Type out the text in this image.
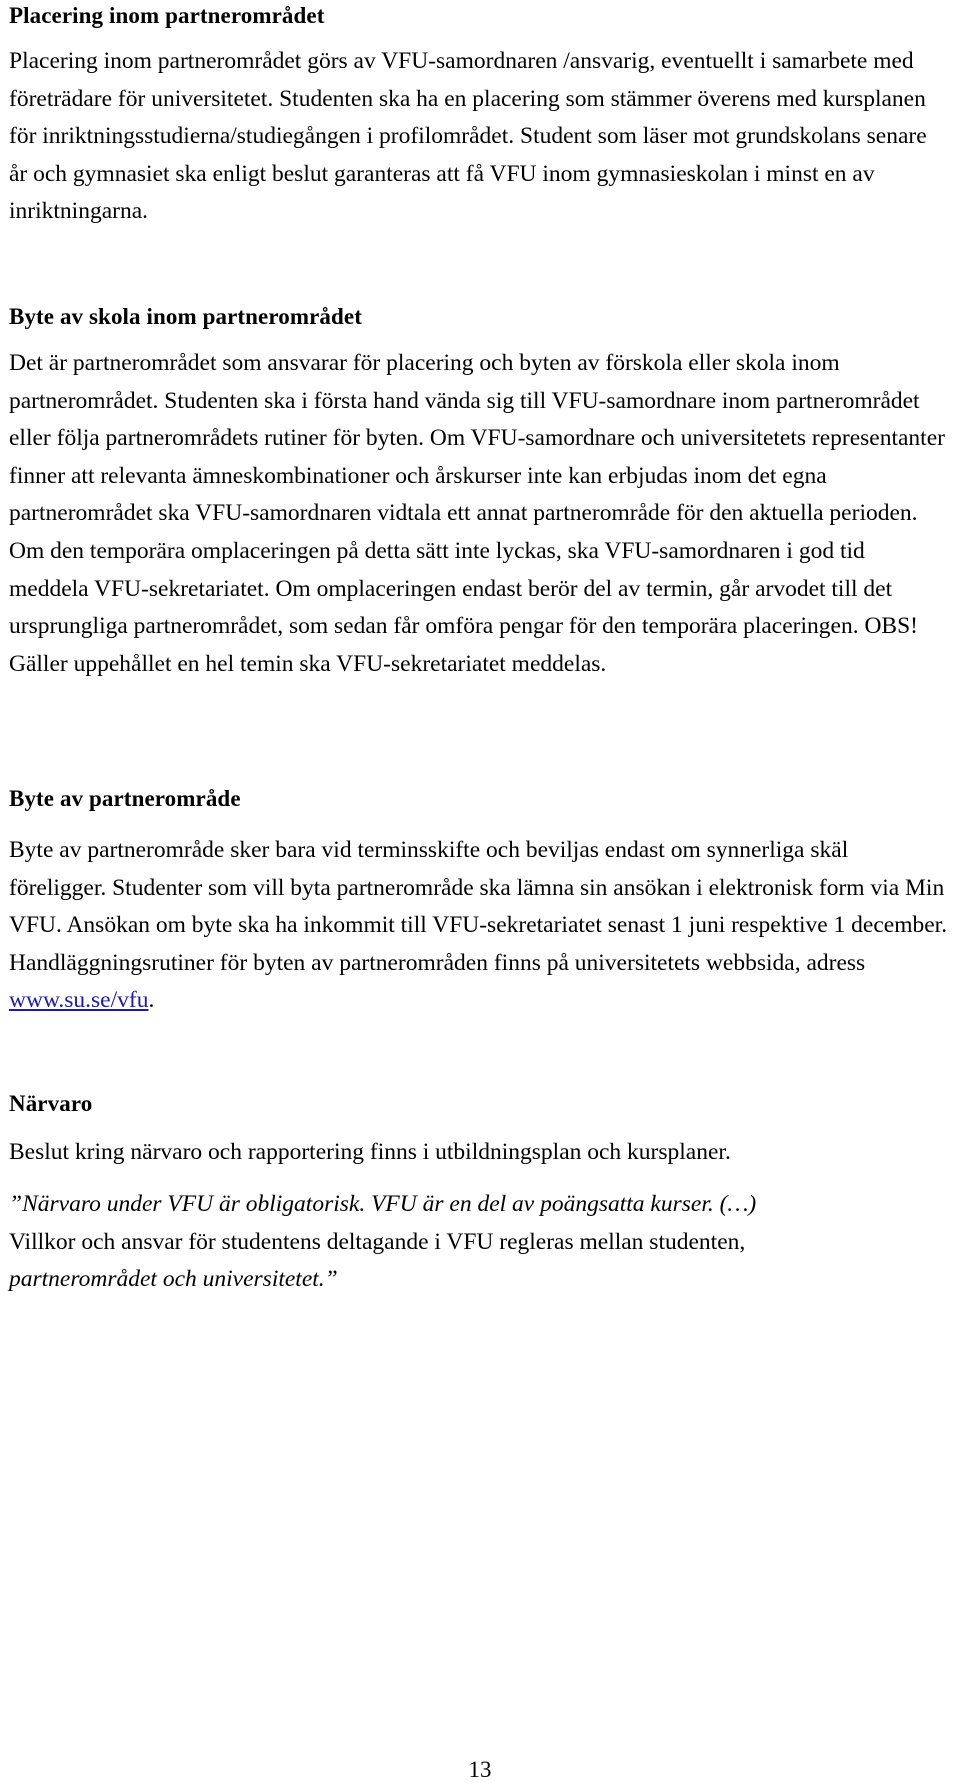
Placering inom partnerområdet

Placering inom partnerområdet görs av VFU-samordnaren /ansvarig, eventuellt i samarbete med företrädare för universitetet. Studenten ska ha en placering som stämmer överens med kursplanen för inriktningsstudierna/studiegången i profilområdet. Student som läser mot grundskolans senare år och gymnasiet ska enligt beslut garanteras att få VFU inom gymnasieskolan i minst en av inriktningarna.

Byte av skola inom partnerområdet

Det är partnerområdet som ansvarar för placering och byten av förskola eller skola inom partnerområdet. Studenten ska i första hand vända sig till VFU-samordnare inom partnerområdet eller följa partnerområdets rutiner för byten. Om VFU-samordnare och universitetets representanter finner att relevanta ämneskombinationer och årskurser inte kan erbjudas inom det egna partnerområdet ska VFU-samordnaren vidtala ett annat partnerområde för den aktuella perioden. Om den temporära omplaceringen på detta sätt inte lyckas, ska VFU-samordnaren i god tid meddela VFU-sekretariatet. Om omplaceringen endast berör del av termin, går arvodet till det ursprungliga partnerområdet, som sedan får omföra pengar för den temporära placeringen. OBS! Gäller uppehållet en hel temin ska VFU-sekretariatet meddelas.

Byte av partnerområde

Byte av partnerområde sker bara vid terminsskifte och beviljas endast om synnerliga skäl föreligger. Studenter som vill byta partnerområde ska lämna sin ansökan i elektronisk form via Min VFU. Ansökan om byte ska ha inkommit till VFU-sekretariatet senast 1 juni respektive 1 december. Handläggningsrutiner för byten av partnerområden finns på universitetets webbsida, adress www.su.se/vfu.

Närvaro

Beslut kring närvaro och rapportering finns i utbildningsplan och kursplaner.

”Närvaro under VFU är obligatorisk. VFU är en del av poängsatta kurser. (…)
Villkor och ansvar för studentens deltagande i VFU regleras mellan studenten,
partnerområdet och universitetet.”

13
